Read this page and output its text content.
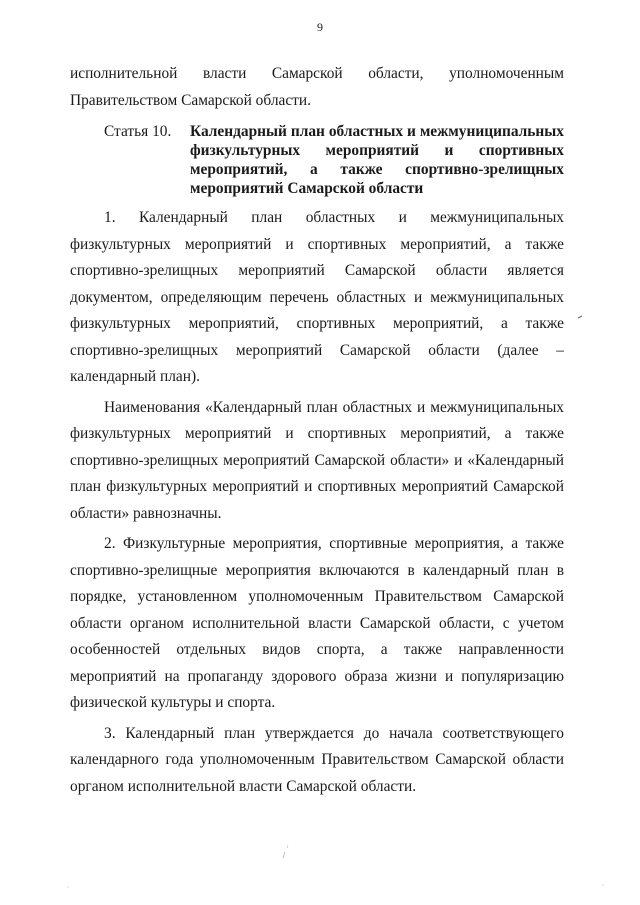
9

исполнительной власти Самарской области, уполномоченным Правительством Самарской области.

Статья 10.	Календарный план областных и межмуниципальных физкультурных мероприятий и спортивных мероприятий, а также спортивно-зрелищных мероприятий Самарской области

1. Календарный план областных и межмуниципальных физкультурных мероприятий и спортивных мероприятий, а также спортивно-зрелищных мероприятий Самарской области является документом, определяющим перечень областных и межмуниципальных физкультурных мероприятий, спортивных мероприятий, а также спортивно-зрелищных мероприятий Самарской области (далее – календарный план).

Наименования «Календарный план областных и межмуниципальных физкультурных мероприятий и спортивных мероприятий, а также спортивно-зрелищных мероприятий Самарской области» и «Календарный план физкультурных мероприятий и спортивных мероприятий Самарской области» равнозначны.

2. Физкультурные мероприятия, спортивные мероприятия, а также спортивно-зрелищные мероприятия включаются в календарный план в порядке, установленном уполномоченным Правительством Самарской области органом исполнительной власти Самарской области, с учетом особенностей отдельных видов спорта, а также направленности мероприятий на пропаганду здорового образа жизни и популяризацию физической культуры и спорта.

3. Календарный план утверждается до начала соответствующего календарного года уполномоченным Правительством Самарской области органом исполнительной власти Самарской области.
